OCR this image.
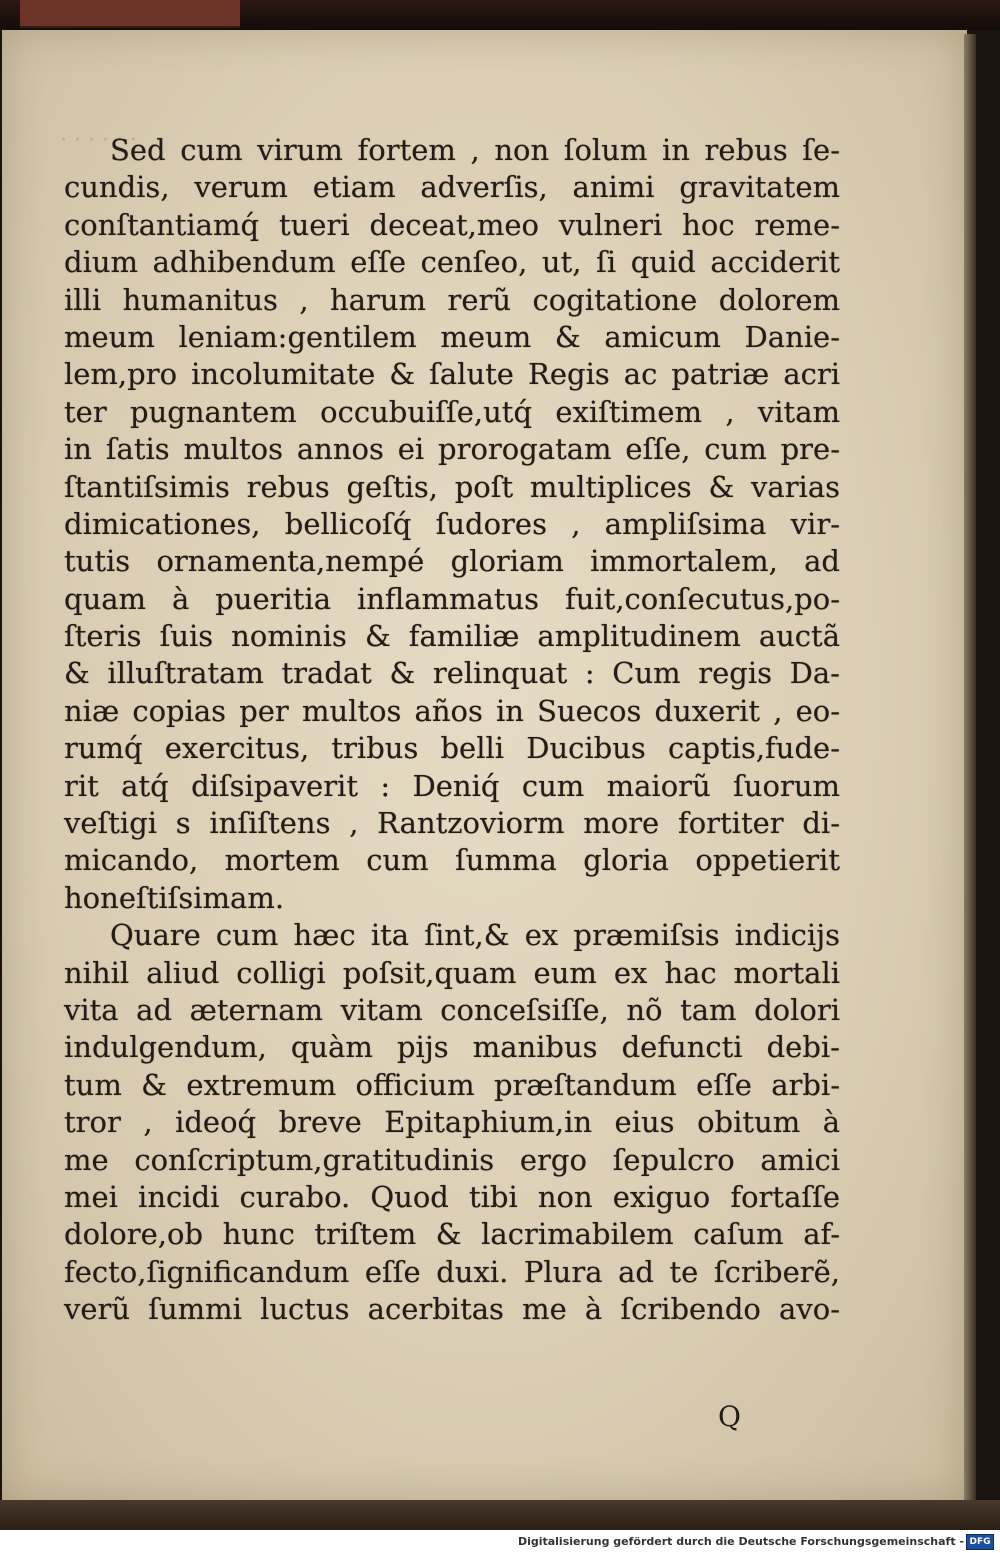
· · · · · ·
Sed cum virum fortem , non ſolum in rebus ſe-
cundis, verum etiam adverſis, animi gravitatem
conſtantiamq́ tueri deceat,meo vulneri hoc reme-
dium adhibendum eſſe cenſeo, ut, ſi quid acciderit
illi humanitus , harum rerũ cogitatione dolorem
meum leniam:gentilem meum & amicum Danie-
lem,pro incolumitate & ſalute Regis ac patriæ acri
ter pugnantem occubuiſſe,utq́ exiſtimem , vitam
in ſatis multos annos ei prorogatam eſſe, cum pre-
ſtantiſsimis rebus geſtis, poſt multiplices & varias
dimicationes, bellicoſq́ ſudores , ampliſsima vir-
tutis ornamenta,nempé gloriam immortalem, ad
quam à pueritia inflammatus fuit,conſecutus,po-
ſteris ſuis nominis & familiæ amplitudinem auctã
& illuſtratam tradat & relinquat : Cum regis Da-
niæ copias per multos años in Suecos duxerit , eo-
rumq́ exercitus, tribus belli Ducibus captis,fude-
rit atq́ diſsipaverit : Deniq́ cum maiorũ ſuorum
veſtigi s inſiſtens , Rantzoviorm more fortiter di-
micando, mortem cum ſumma gloria oppetierit
honeſtiſsimam.
Quare cum hæc ita ſint,& ex præmiſsis indicijs
nihil aliud colligi poſsit,quam eum ex hac mortali
vita ad æternam vitam conceſsiſſe, nõ tam dolori
indulgendum, quàm pijs manibus defuncti debi-
tum & extremum officium præſtandum eſſe arbi-
tror , ideoq́ breve Epitaphium,in eius obitum à
me conſcriptum,gratitudinis ergo ſepulcro amici
mei incidi curabo. Quod tibi non exiguo fortaſſe
dolore,ob hunc triſtem & lacrimabilem caſum af-
fecto,ſignificandum eſſe duxi. Plura ad te ſcriberẽ,
verũ ſummi luctus acerbitas me à ſcribendo avo-
Q
Digitalisierung gefördert durch die Deutsche Forschungsgemeinschaft - DFG
